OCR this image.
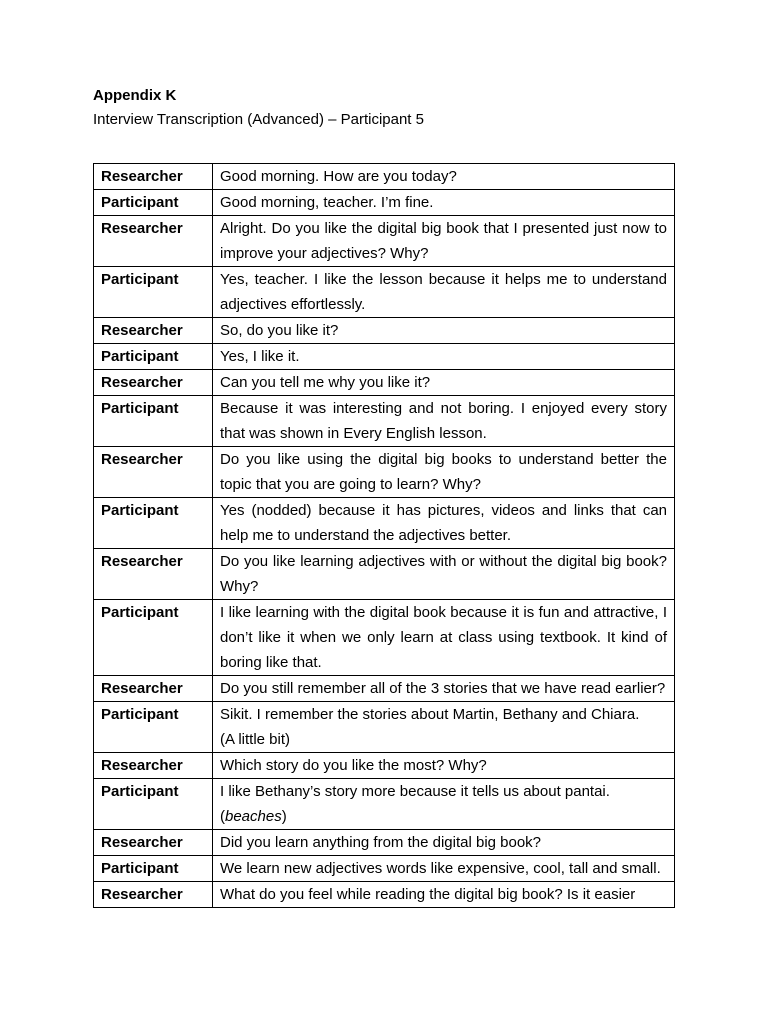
Appendix K
Interview Transcription (Advanced) – Participant 5
Researcher	Good morning. How are you today?
Participant	Good morning, teacher. I’m fine.
Researcher	Alright. Do you like the digital big book that I presented just now to improve your adjectives? Why?
Participant	Yes, teacher. I like the lesson because it helps me to understand adjectives effortlessly.
Researcher	So, do you like it?
Participant	Yes, I like it.
Researcher	Can you tell me why you like it?
Participant	Because it was interesting and not boring. I enjoyed every story that was shown in Every English lesson.
Researcher	Do you like using the digital big books to understand better the topic that you are going to learn? Why?
Participant	Yes (nodded) because it has pictures, videos and links that can help me to understand the adjectives better.
Researcher	Do you like learning adjectives with or without the digital big book? Why?
Participant	I like learning with the digital book because it is fun and attractive, I don’t like it when we only learn at class using textbook. It kind of boring like that.
Researcher	Do you still remember all of the 3 stories that we have read earlier?
Participant	Sikit. I remember the stories about Martin, Bethany and Chiara.
(A little bit)
Researcher	Which story do you like the most? Why?
Participant	I like Bethany’s story more because it tells us about pantai.
(beaches)
Researcher	Did you learn anything from the digital big book?
Participant	We learn new adjectives words like expensive, cool, tall and small.
Researcher	What do you feel while reading the digital big book? Is it easier
